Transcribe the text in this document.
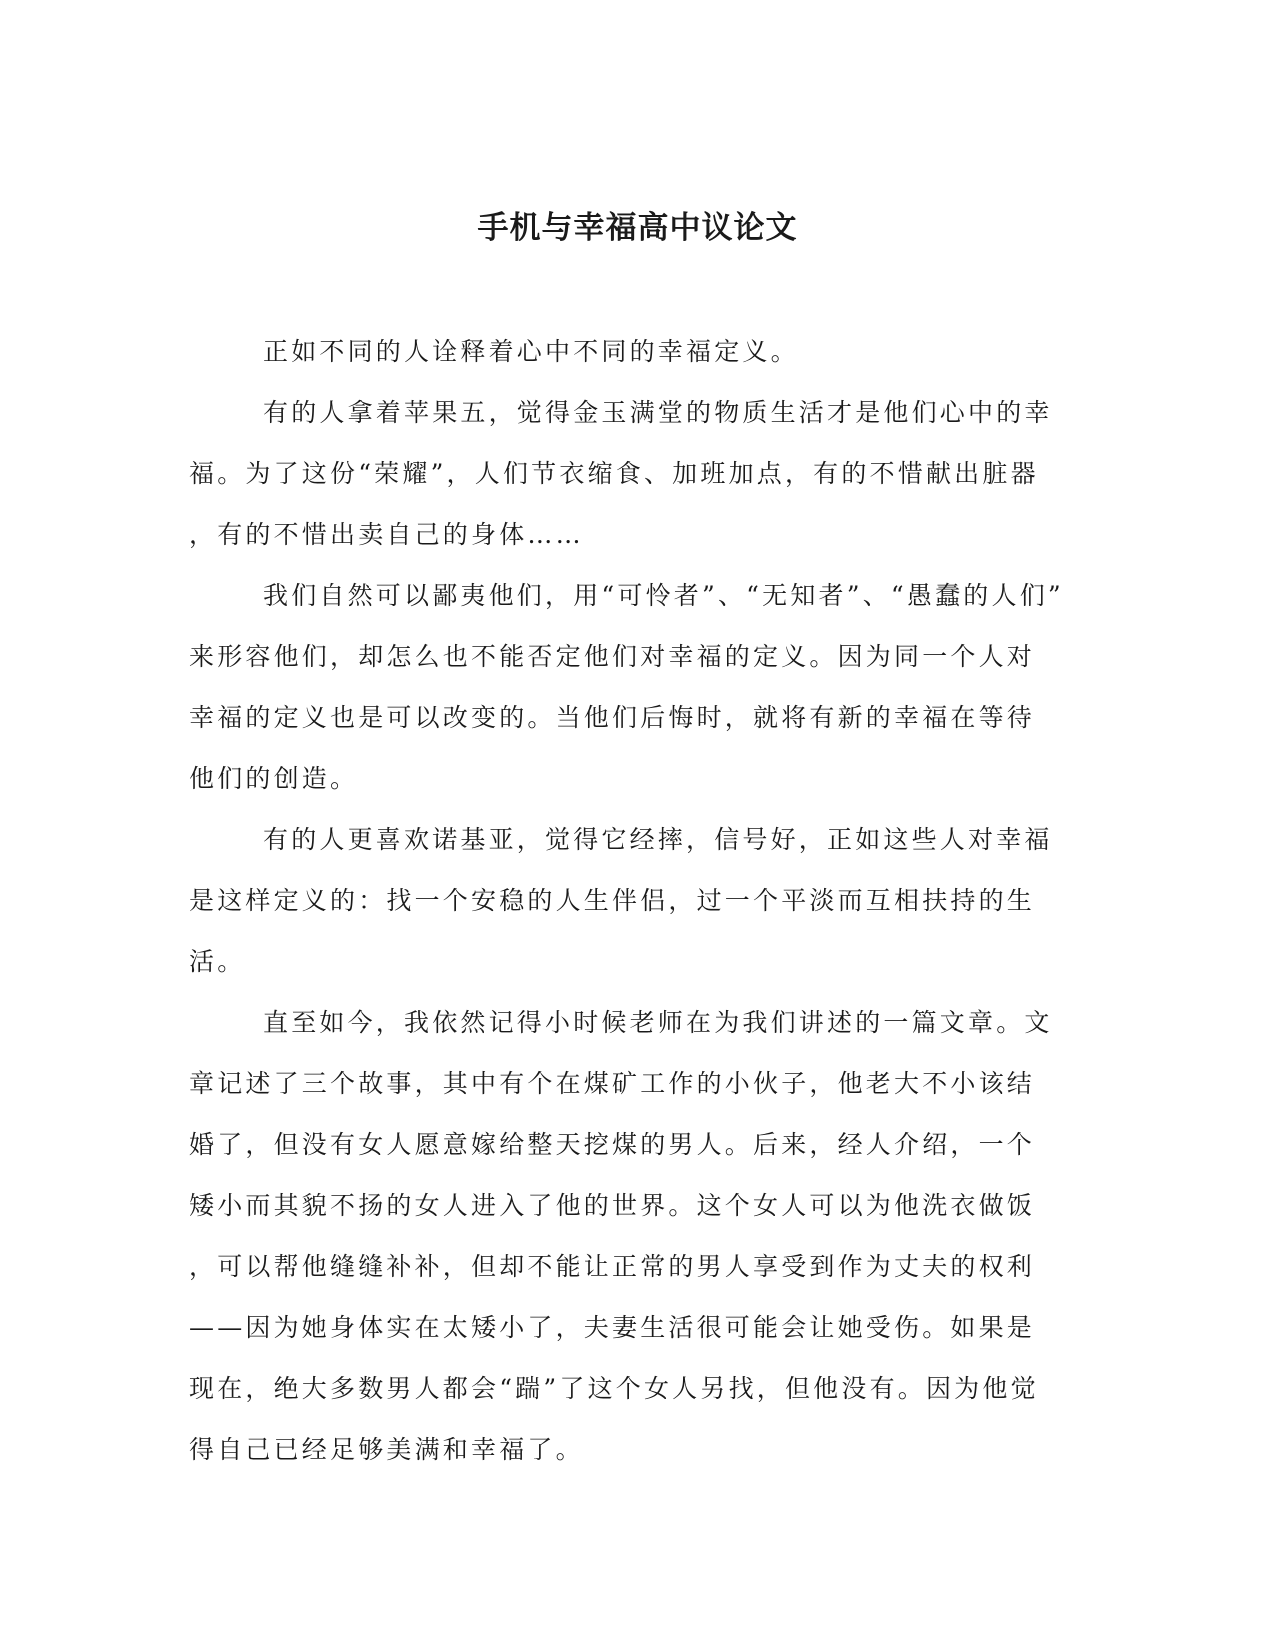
手机与幸福高中议论文
正如不同的人诠释着心中不同的幸福定义。
有的人拿着苹果五，觉得金玉满堂的物质生活才是他们心中的幸
福。为了这份“荣耀”，人们节衣缩食、加班加点，有的不惜献出脏器
，有的不惜出卖自己的身体……
我们自然可以鄙夷他们，用“可怜者”、“无知者”、“愚蠢的人们”
来形容他们，却怎么也不能否定他们对幸福的定义。因为同一个人对
幸福的定义也是可以改变的。当他们后悔时，就将有新的幸福在等待
他们的创造。
有的人更喜欢诺基亚，觉得它经摔，信号好，正如这些人对幸福
是这样定义的：找一个安稳的人生伴侣，过一个平淡而互相扶持的生
活。
直至如今，我依然记得小时候老师在为我们讲述的一篇文章。文
章记述了三个故事，其中有个在煤矿工作的小伙子，他老大不小该结
婚了，但没有女人愿意嫁给整天挖煤的男人。后来，经人介绍，一个
矮小而其貌不扬的女人进入了他的世界。这个女人可以为他洗衣做饭
，可以帮他缝缝补补，但却不能让正常的男人享受到作为丈夫的权利
——因为她身体实在太矮小了，夫妻生活很可能会让她受伤。如果是
现在，绝大多数男人都会“踹”了这个女人另找，但他没有。因为他觉
得自己已经足够美满和幸福了。
